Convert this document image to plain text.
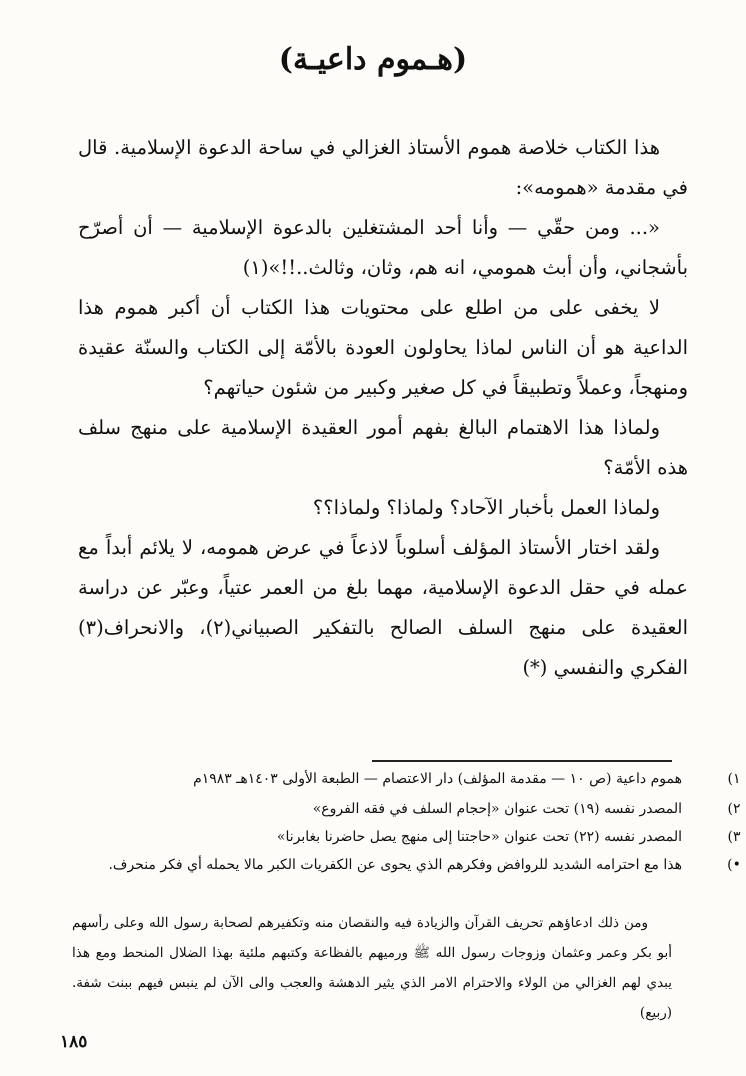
(هـموم داعيـة)

هذا الكتاب خلاصة هموم الأستاذ الغزالي في ساحة الدعوة الإسلامية. قال في مقدمة «همومه»:

«... ومن حقّي — وأنا أحد المشتغلين بالدعوة الإسلامية — أن أصرّح بأشجاني، وأن أبث همومي، انه هم، وثان، وثالث..!!»(١)

لا يخفى على من اطلع على محتويات هذا الكتاب أن أكبر هموم هذا الداعية هو أن الناس لماذا يحاولون العودة بالأمّة إلى الكتاب والسنّة عقيدة ومنهجاً، وعملاً وتطبيقاً في كل صغير وكبير من شئون حياتهم؟

ولماذا هذا الاهتمام البالغ بفهم أمور العقيدة الإسلامية على منهج سلف هذه الأمّة؟

ولماذا العمل بأخبار الآحاد؟ ولماذا؟ ولماذا؟؟

ولقد اختار الأستاذ المؤلف أسلوباً لاذعاً في عرض همومه، لا يلائم أبداً مع عمله في حقل الدعوة الإسلامية، مهما بلغ من العمر عتياً، وعبّر عن دراسة العقيدة على منهج السلف الصالح بالتفكير الصبياني(٢)، والانحراف(٣) الفكري والنفسي (*)

١)
هموم داعية (ص ١٠ — مقدمة المؤلف) دار الاعتصام — الطبعة الأولى ١٤٠٣هـ ١٩٨٣م
٢)
المصدر نفسه (١٩) تحت عنوان «إحجام السلف في فقه الفروع»
٣)
المصدر نفسه (٢٢) تحت عنوان «حاجتنا إلى منهج يصل حاضرنا بغابرنا»
•)
هذا مع احترامه الشديد للروافض وفكرهم الذي يحوى عن الكفريات الكبر مالا يحمله أي فكر منحرف.
ومن ذلك ادعاؤهم تحريف القرآن والزيادة فيه والنقصان منه وتكفيرهم لصحابة رسول الله وعلى رأسهم أبو بكر وعمر وعثمان وزوجات رسول الله ﷺ ورميهم بالفظاعة وكتبهم ملئية بهذا الضلال المنحط ومع هذا يبدي لهم الغزالي من الولاء والاحترام الامر الذي يثير الدهشة والعجب والى الآن لم ينبس فيهم ببنت شفة. (ربيع)
١٨٥
